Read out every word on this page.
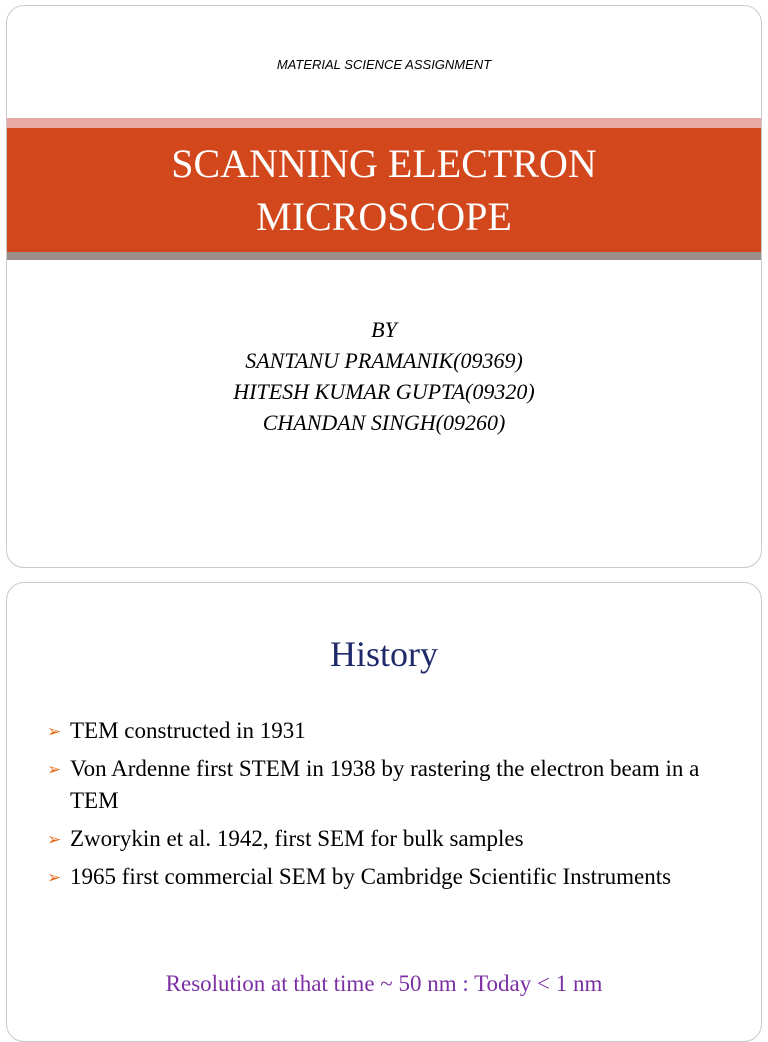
MATERIAL SCIENCE ASSIGNMENT
SCANNING ELECTRON
MICROSCOPE
BY
SANTANU PRAMANIK(09369)
HITESH KUMAR GUPTA(09320)
CHANDAN SINGH(09260)
History
➢ TEM constructed in 1931
➢ Von Ardenne first STEM in 1938 by rastering the electron beam in a TEM
➢ Zworykin et al. 1942, first SEM for bulk samples
➢ 1965 first commercial SEM by Cambridge Scientific Instruments
Resolution at that time ~ 50 nm : Today < 1 nm
